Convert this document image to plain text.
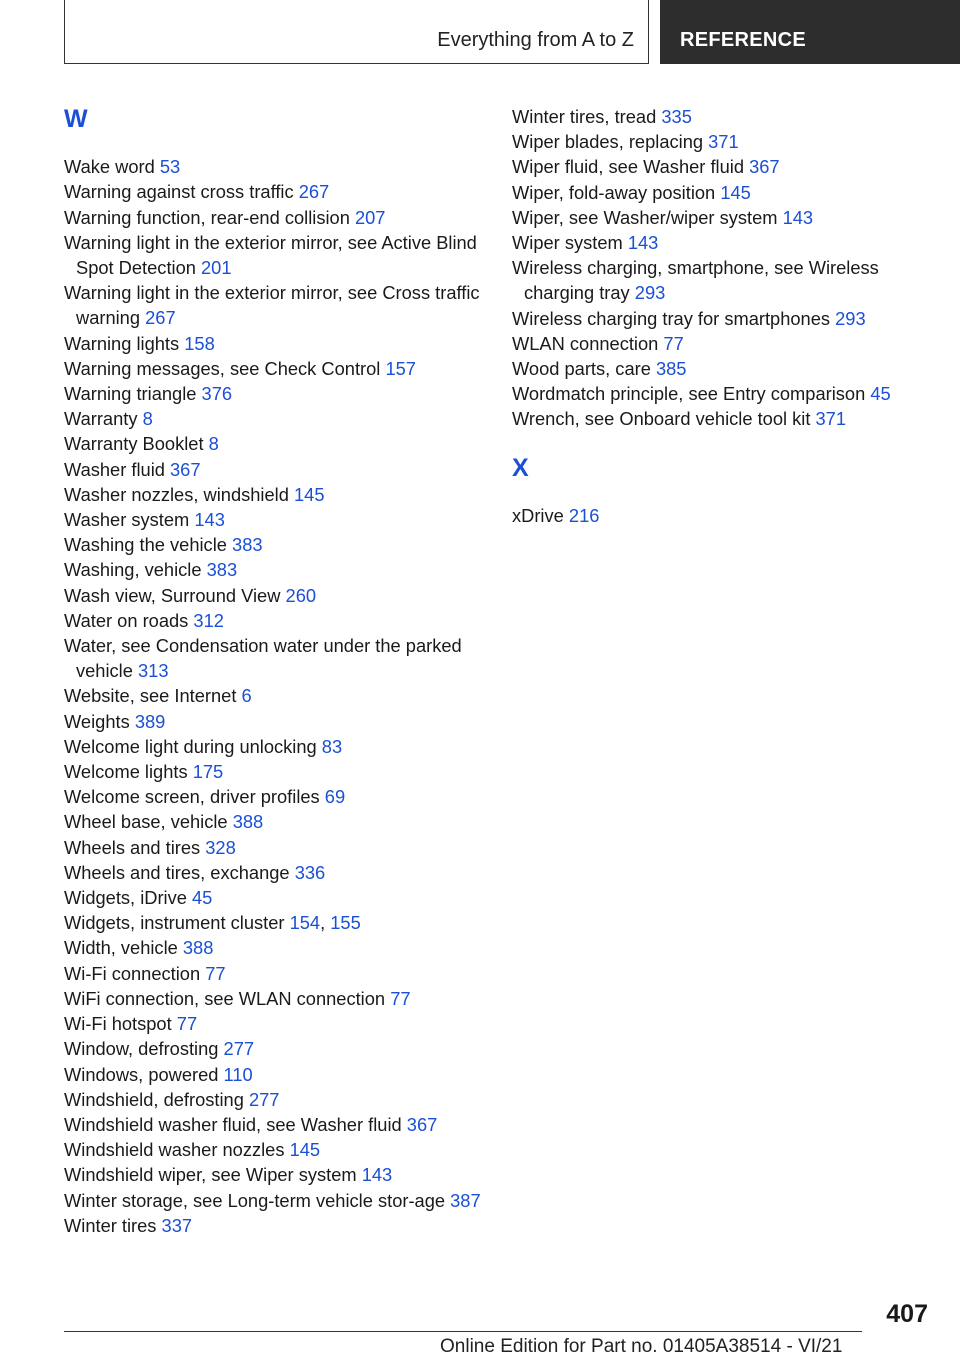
Everything from A to Z REFERENCE
W
Wake word 53
Warning against cross traffic 267
Warning function, rear-end collision 207
Warning light in the exterior mirror, see Active Blind Spot Detection 201
Warning light in the exterior mirror, see Cross traffic warning 267
Warning lights 158
Warning messages, see Check Control 157
Warning triangle 376
Warranty 8
Warranty Booklet 8
Washer fluid 367
Washer nozzles, windshield 145
Washer system 143
Washing the vehicle 383
Washing, vehicle 383
Wash view, Surround View 260
Water on roads 312
Water, see Condensation water under the parked vehicle 313
Website, see Internet 6
Weights 389
Welcome light during unlocking 83
Welcome lights 175
Welcome screen, driver profiles 69
Wheel base, vehicle 388
Wheels and tires 328
Wheels and tires, exchange 336
Widgets, iDrive 45
Widgets, instrument cluster 154, 155
Width, vehicle 388
Wi-Fi connection 77
WiFi connection, see WLAN connection 77
Wi-Fi hotspot 77
Window, defrosting 277
Windows, powered 110
Windshield, defrosting 277
Windshield washer fluid, see Washer fluid 367
Windshield washer nozzles 145
Windshield wiper, see Wiper system 143
Winter storage, see Long-term vehicle stor-age 387
Winter tires 337
Winter tires, tread 335
Wiper blades, replacing 371
Wiper fluid, see Washer fluid 367
Wiper, fold-away position 145
Wiper, see Washer/wiper system 143
Wiper system 143
Wireless charging, smartphone, see Wireless charging tray 293
Wireless charging tray for smartphones 293
WLAN connection 77
Wood parts, care 385
Wordmatch principle, see Entry comparison 45
Wrench, see Onboard vehicle tool kit 371
X
xDrive 216
407
Online Edition for Part no. 01405A38514 - VI/21
